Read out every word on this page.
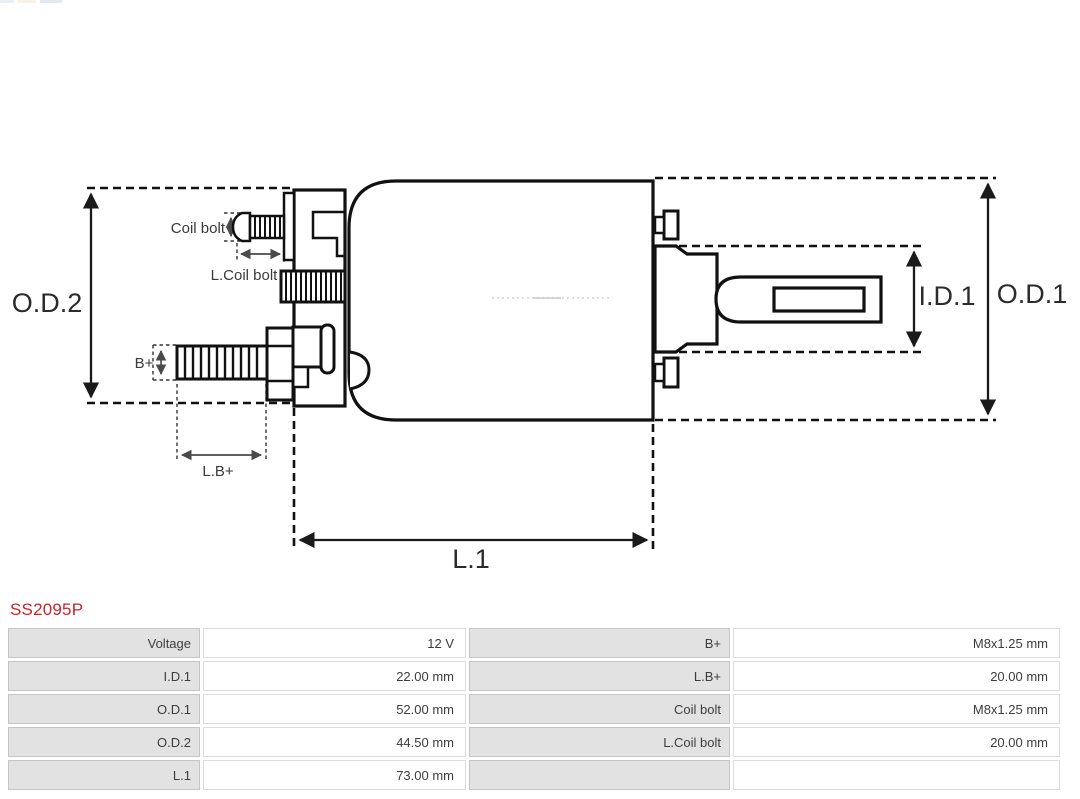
O.D.2	O.D.1
I.D.1
L.1
Coil bolt
L.Coil bolt
B+
L.B+
SS2095P
Voltage	12 V	B+	M8x1.25 mm
I.D.1	22.00 mm	L.B+	20.00 mm
O.D.1	52.00 mm	Coil bolt	M8x1.25 mm
O.D.2	44.50 mm	L.Coil bolt	20.00 mm
L.1	73.00 mm
